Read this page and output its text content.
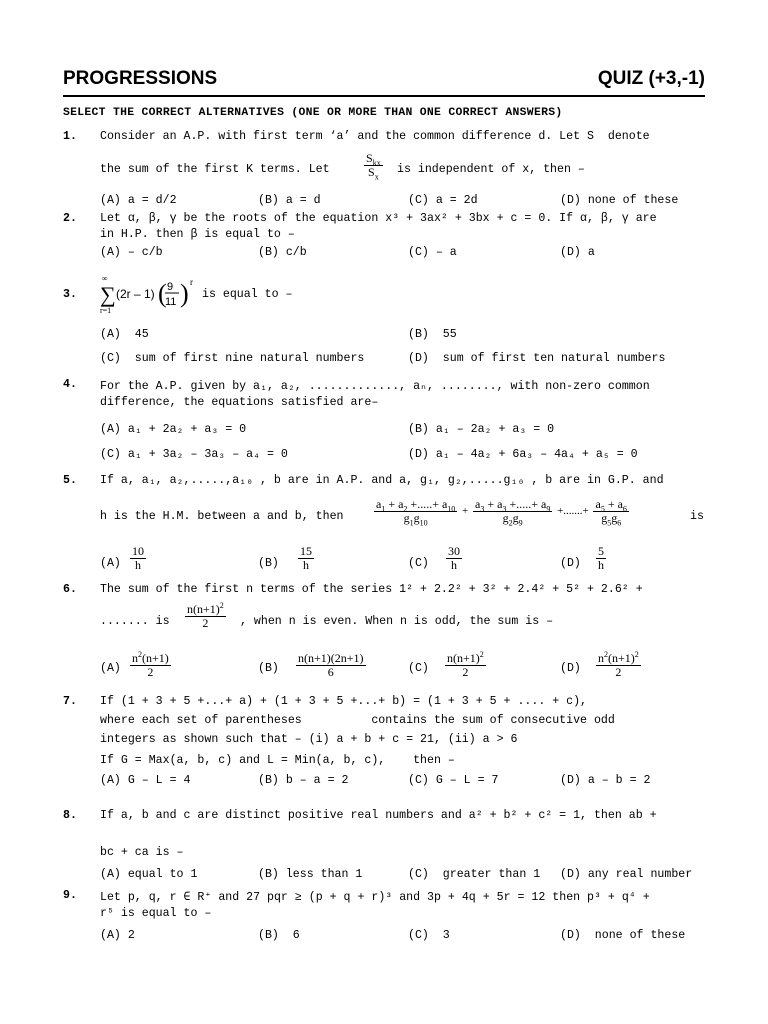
PROGRESSIONS	QUIZ (+3,-1)
SELECT THE CORRECT ALTERNATIVES (ONE OR MORE THAN ONE CORRECT ANSWERS)
1. Consider an A.P. with first term ‘a’ and the common difference d. Let S  denote
the sum of the first K terms. Let
$S_{kx}$
$S_x$
is independent of x, then –
(A) a = d/2	(B) a = d	(C) a = 2d	(D) none of these
2. Let α, β, γ be the roots of the equation x³ + 3ax² + 3bx + c = 0. If α, β, γ are
in H.P. then β is equal to –
(A) – c/b	(B) c/b	(C) – a	(D) a
3.
∞
∑
r=1
(2r – 1) ( 9
11 ) r
is equal to –
(A)  45	(B)  55
(C)  sum of first nine natural numbers	(D)  sum of first ten natural numbers
4. For the A.P. given by a₁, a₂, ............., aₙ, ........, with non-zero common
difference, the equations satisfied are–
(A) a₁ + 2a₂ + a₃ = 0	(B) a₁ – 2a₂ + a₃ = 0
(C) a₁ + 3a₂ – 3a₃ – a₄ = 0	(D) a₁ – 4a₂ + 6a₃ – 4a₄ + a₅ = 0
5. If a, a₁, a₂,.....,a₁₀ , b are in A.P. and a, g₁, g₂,.....g₁₀ , b are in G.P. and
h is the H.M. between a and b, then	$\frac{a_1 + a_2 +.....+ a_{10}}{g_1g_{10}} + \frac{a_3 + a_3 +.....+ a_9}{g_2g_9}$ +.......+ $\frac{a_5 + a_6}{g_5g_6}$	is
(A)
10
h	(B)
15
h	(C)
30
h	(D)
5
h
6. The sum of the first n terms of the series 1² + 2.2² + 3² + 2.4² + 5² + 2.6² +
....... is
$n(n+1)^2$
2	, when n is even. When n is odd, the sum is –
(A)
$n^2(n+1)$
2	(B)
n(n+1)(2n+1)
6	(C)
$n(n+1)^2$
2	(D)
$n^2(n+1)^2$
2
7. If (1 + 3 + 5 +...+ a) + (1 + 3 + 5 +...+ b) = (1 + 3 + 5 + .... + c),
where each set of parentheses          contains the sum of consecutive odd
integers as shown such that – (i) a + b + c = 21, (ii) a > 6
If G = Max(a, b, c) and L = Min(a, b, c),    then –
(A) G – L = 4	(B) b – a = 2	(C) G – L = 7	(D) a – b = 2
8. If a, b and c are distinct positive real numbers and a² + b² + c² = 1, then ab +
bc + ca is –
(A) equal to 1	(B) less than 1	(C)  greater than 1 (D) any real number
9. Let p, q, r ∈ R⁺ and 27 pqr ≥ (p + q + r)³ and 3p + 4q + 5r = 12 then p³ + q⁴ +
r⁵ is equal to –
(A) 2	(B)  6	(C)  3	(D)  none of these
